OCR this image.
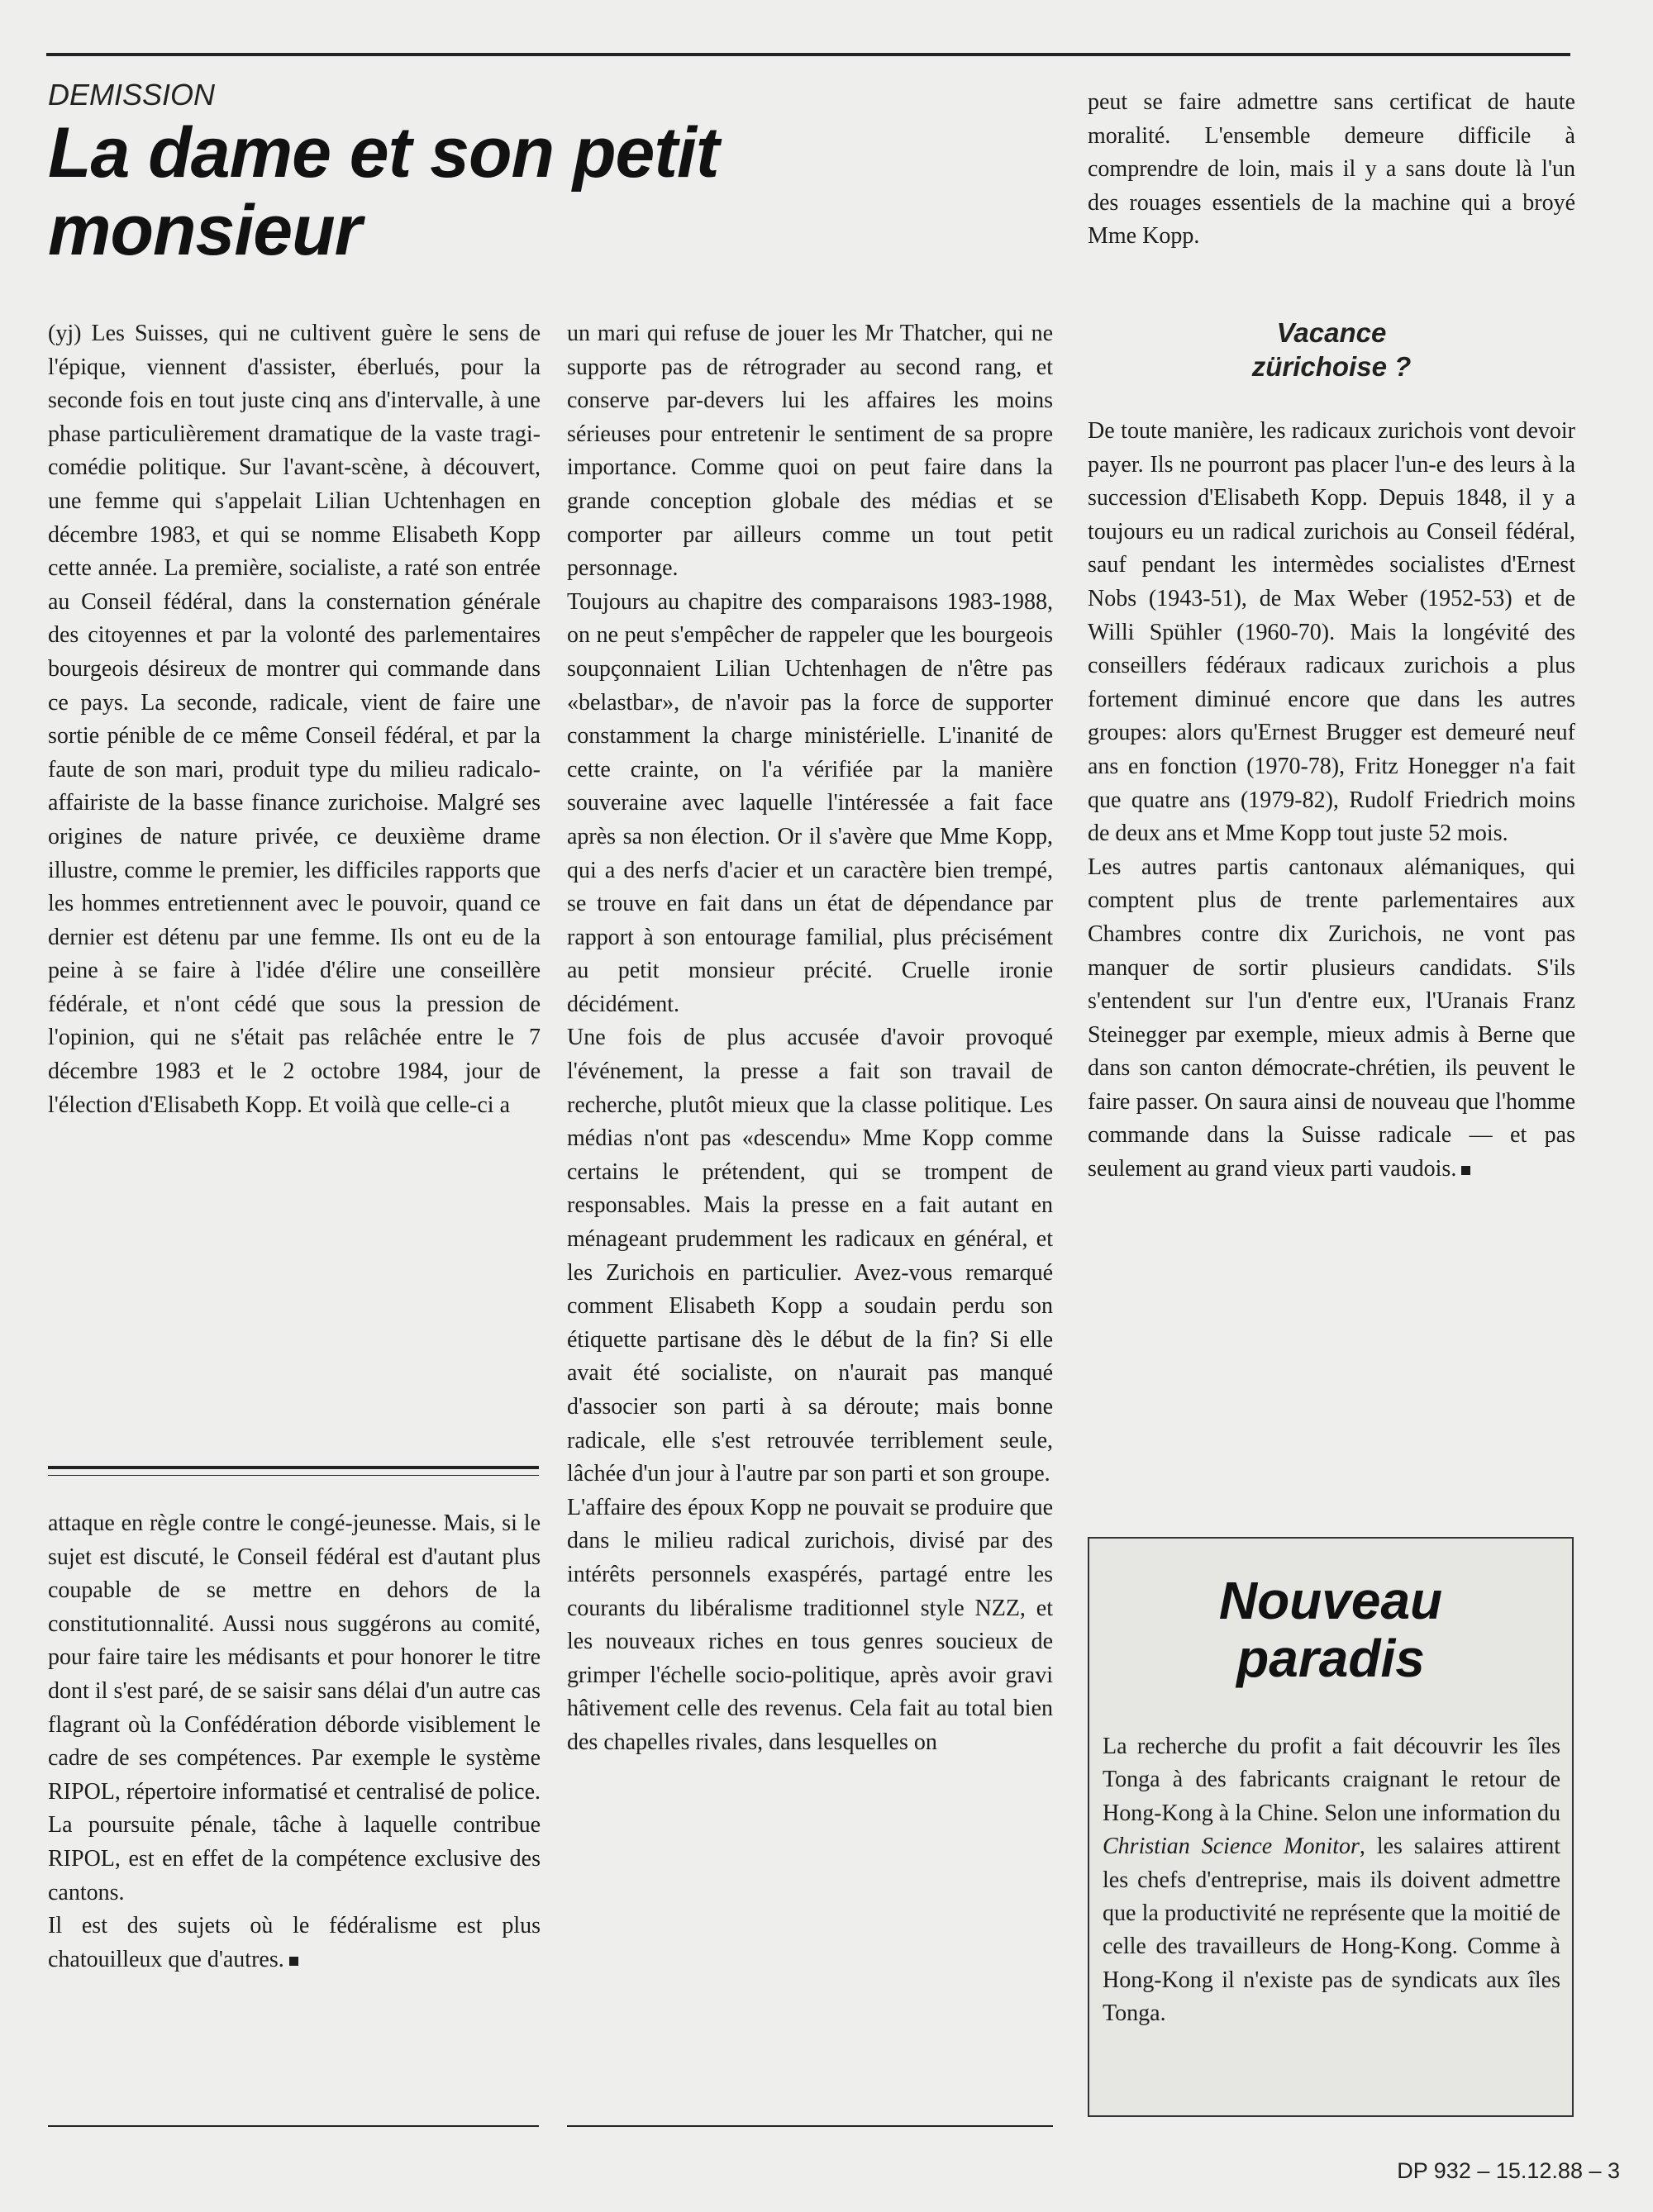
DEMISSION
La dame et son petit
monsieur

(yj) Les Suisses, qui ne cultivent guère le sens de l'épique, viennent d'assister, éberlués, pour la seconde fois en tout juste cinq ans d'intervalle, à une phase particulièrement dramatique de la vaste tragi-comédie politique. Sur l'avant-scène, à découvert, une femme qui s'appelait Lilian Uchtenhagen en décembre 1983, et qui se nomme Elisabeth Kopp cette année. La première, socialiste, a raté son entrée au Conseil fédéral, dans la consternation générale des citoyennes et par la volonté des parlementaires bourgeois désireux de montrer qui commande dans ce pays. La seconde, radicale, vient de faire une sortie pénible de ce même Conseil fédéral, et par la faute de son mari, produit type du milieu radicalo-affairiste de la basse finance zurichoise. Malgré ses origines de nature privée, ce deuxième drame illustre, comme le premier, les difficiles rapports que les hommes entretiennent avec le pouvoir, quand ce dernier est détenu par une femme. Ils ont eu de la peine à se faire à l'idée d'élire une conseillère fédérale, et n'ont cédé que sous la pression de l'opinion, qui ne s'était pas relâchée entre le 7 décembre 1983 et le 2 octobre 1984, jour de l'élection d'Elisabeth Kopp. Et voilà que celle-ci a

attaque en règle contre le congé-jeunesse. Mais, si le sujet est discuté, le Conseil fédéral est d'autant plus coupable de se mettre en dehors de la constitutionnalité. Aussi nous suggérons au comité, pour faire taire les médisants et pour honorer le titre dont il s'est paré, de se saisir sans délai d'un autre cas flagrant où la Confédération déborde visiblement le cadre de ses compétences. Par exemple le système RIPOL, répertoire informatisé et centralisé de police. La poursuite pénale, tâche à laquelle contribue RIPOL, est en effet de la compétence exclusive des cantons.

Il est des sujets où le fédéralisme est plus chatouilleux que d'autres.

un mari qui refuse de jouer les Mr Thatcher, qui ne supporte pas de rétrograder au second rang, et conserve par-devers lui les affaires les moins sérieuses pour entretenir le sentiment de sa propre importance. Comme quoi on peut faire dans la grande conception globale des médias et se comporter par ailleurs comme un tout petit personnage.

Toujours au chapitre des comparaisons 1983-1988, on ne peut s'empêcher de rappeler que les bourgeois soupçonnaient Lilian Uchtenhagen de n'être pas «belastbar», de n'avoir pas la force de supporter constamment la charge ministérielle. L'inanité de cette crainte, on l'a vérifiée par la manière souveraine avec laquelle l'intéressée a fait face après sa non élection. Or il s'avère que Mme Kopp, qui a des nerfs d'acier et un caractère bien trempé, se trouve en fait dans un état de dépendance par rapport à son entourage familial, plus précisément au petit monsieur précité. Cruelle ironie décidément.

Une fois de plus accusée d'avoir provoqué l'événement, la presse a fait son travail de recherche, plutôt mieux que la classe politique. Les médias n'ont pas «descendu» Mme Kopp comme certains le prétendent, qui se trompent de responsables. Mais la presse en a fait autant en ménageant prudemment les radicaux en général, et les Zurichois en particulier. Avez-vous remarqué comment Elisabeth Kopp a soudain perdu son étiquette partisane dès le début de la fin? Si elle avait été socialiste, on n'aurait pas manqué d'associer son parti à sa déroute; mais bonne radicale, elle s'est retrouvée terriblement seule, lâchée d'un jour à l'autre par son parti et son groupe.

L'affaire des époux Kopp ne pouvait se produire que dans le milieu radical zurichois, divisé par des intérêts personnels exaspérés, partagé entre les courants du libéralisme traditionnel style NZZ, et les nouveaux riches en tous genres soucieux de grimper l'échelle socio-politique, après avoir gravi hâtivement celle des revenus. Cela fait au total bien des chapelles rivales, dans lesquelles on

peut se faire admettre sans certificat de haute moralité. L'ensemble demeure difficile à comprendre de loin, mais il y a sans doute là l'un des rouages essentiels de la machine qui a broyé Mme Kopp.

Vacance
zürichoise ?

De toute manière, les radicaux zurichois vont devoir payer. Ils ne pourront pas placer l'un-e des leurs à la succession d'Elisabeth Kopp. Depuis 1848, il y a toujours eu un radical zurichois au Conseil fédéral, sauf pendant les intermèdes socialistes d'Ernest Nobs (1943-51), de Max Weber (1952-53) et de Willi Spühler (1960-70). Mais la longévité des conseillers fédéraux radicaux zurichois a plus fortement diminué encore que dans les autres groupes: alors qu'Ernest Brugger est demeuré neuf ans en fonction (1970-78), Fritz Honegger n'a fait que quatre ans (1979-82), Rudolf Friedrich moins de deux ans et Mme Kopp tout juste 52 mois.

Les autres partis cantonaux alémaniques, qui comptent plus de trente parlementaires aux Chambres contre dix Zurichois, ne vont pas manquer de sortir plusieurs candidats. S'ils s'entendent sur l'un d'entre eux, l'Uranais Franz Steinegger par exemple, mieux admis à Berne que dans son canton démocrate-chrétien, ils peuvent le faire passer. On saura ainsi de nouveau que l'homme commande dans la Suisse radicale — et pas seulement au grand vieux parti vaudois.

Nouveau
paradis

La recherche du profit a fait découvrir les îles Tonga à des fabricants craignant le retour de Hong-Kong à la Chine. Selon une information du Christian Science Monitor, les salaires attirent les chefs d'entreprise, mais ils doivent admettre que la productivité ne représente que la moitié de celle des travailleurs de Hong-Kong. Comme à Hong-Kong il n'existe pas de syndicats aux îles Tonga.

DP 932 – 15.12.88 – 3
